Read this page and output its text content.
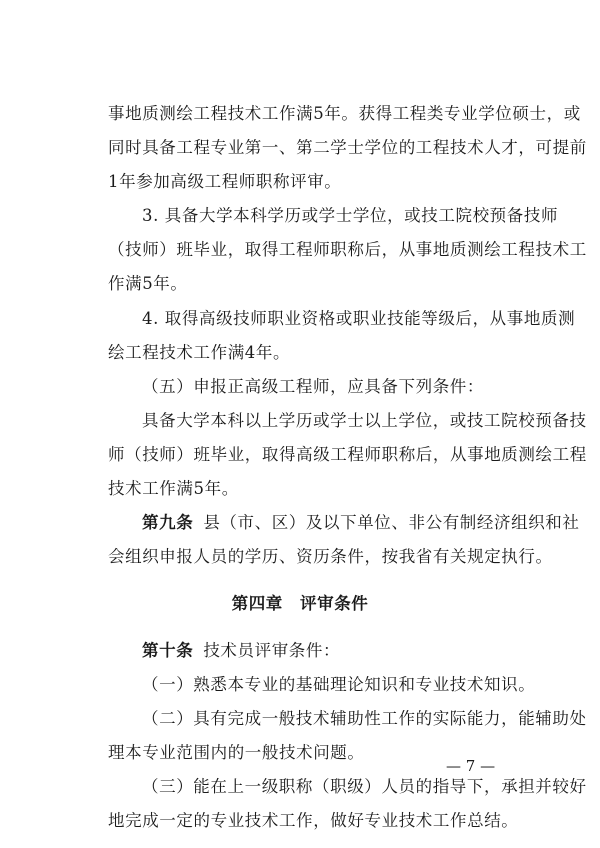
事地质测绘工程技术工作满5年。获得工程类专业学位硕士，或
同时具备工程专业第一、第二学士学位的工程技术人才，可提前
1年参加高级工程师职称评审。
3. 具备大学本科学历或学士学位，或技工院校预备技师
（技师）班毕业，取得工程师职称后，从事地质测绘工程技术工
作满5年。
4. 取得高级技师职业资格或职业技能等级后，从事地质测
绘工程技术工作满4年。
（五）申报正高级工程师，应具备下列条件：
具备大学本科以上学历或学士以上学位，或技工院校预备技
师（技师）班毕业，取得高级工程师职称后，从事地质测绘工程
技术工作满5年。
第九条 县（市、区）及以下单位、非公有制经济组织和社
会组织申报人员的学历、资历条件，按我省有关规定执行。
第四章　评审条件
第十条 技术员评审条件：
（一）熟悉本专业的基础理论知识和专业技术知识。
（二）具有完成一般技术辅助性工作的实际能力，能辅助处
理本专业范围内的一般技术问题。
（三）能在上一级职称（职级）人员的指导下，承担并较好
地完成一定的专业技术工作，做好专业技术工作总结。
— 7 —
